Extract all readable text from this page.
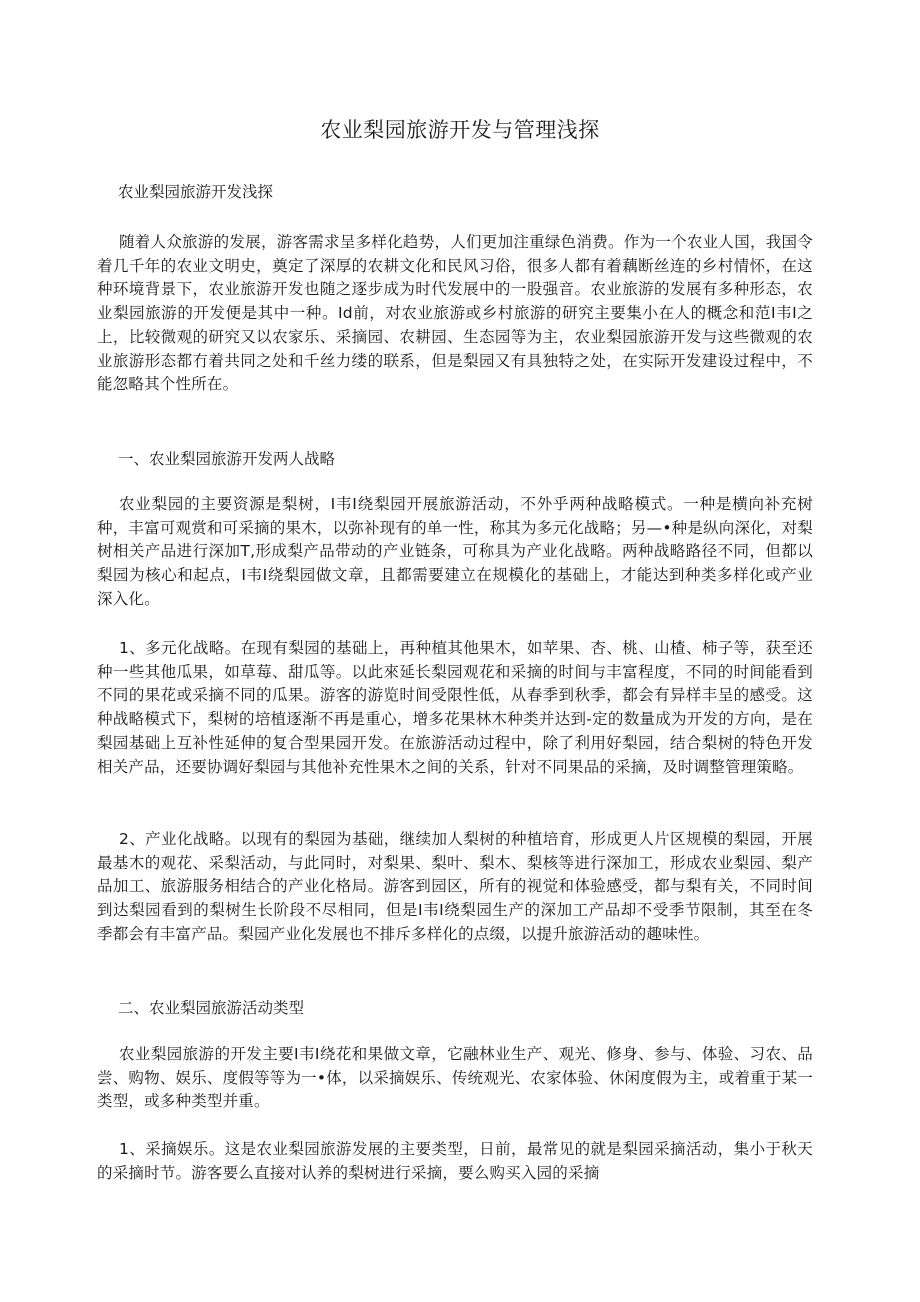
农业梨园旅游开发与管理浅探

农业梨园旅游开发浅探

随着人众旅游的发展，游客需求呈多样化趋势，人们更加注重绿色消费。作为一个农业人国，我国令着几千年的农业文明史，奠定了深厚的农耕文化和民风习俗，很多人都有着藕断丝连的乡村情怀，在这种环境背景下，农业旅游开发也随之逐步成为时代发展中的一股强音。农业旅游的发展有多种形态，农业梨园旅游的开发便是其中一种。Id前，对农业旅游或乡村旅游的研究主要集小在人的概念和范I韦I之上，比较微观的研究又以农家乐、采摘园、农耕园、生态园等为主，农业梨园旅游开发与这些微观的农业旅游形态都冇着共同之处和千丝力缕的联系，但是梨园又有具独特之处，在实际开发建设过程中，不能忽略其个性所在。

一、农业梨园旅游开发两人战略

农业梨园的主要资源是梨树，I韦I绕梨园开展旅游活动，不外乎两种战略模式。一种是横向补充树种，丰富可观赏和可采摘的果木，以弥补现有的单一性，称其为多元化战略；另—•种是纵向深化，对梨树相关产品进行深加T,形成梨产品带动的产业链条，可称具为产业化战略。两种战略路径不同，但都以梨园为核心和起点，I韦I绕梨园做文章，且都需要建立在规模化的基础上，才能达到种类多样化或产业深入化。

1、多元化战略。在现有梨园的基础上，再种植其他果木，如苹果、杏、桃、山楂、柿子等，获至还种一些其他瓜果，如草莓、甜瓜等。以此來延长梨园观花和采摘的时间与丰富程度，不同的时间能看到不同的果花或采摘不同的瓜果。游客的游览时间受限性低，从春季到秋季，都会有异样丰呈的感受。这种战略模式下，梨树的培植逐渐不再是重心，增多花果林木种类并达到-定的数量成为开发的方向，是在梨园基础上互补性延伸的复合型果园开发。在旅游活动过程中，除了利用好梨园，结合梨树的特色开发相关产品，还要协调好梨园与其他补充性果木之间的关系，针对不同果品的采摘，及时调整管理策略。

2、产业化战略。以现有的梨园为基础，继续加人梨树的种植培育，形成更人片区规模的梨园，开展最基木的观花、采梨活动，与此同时，对梨果、梨叶、梨木、梨核等进行深加工，形成农业梨园、梨产品加工、旅游服务相结合的产业化格局。游客到园区，所有的视觉和体验感受，都与梨有关，不同时间到达梨园看到的梨树生长阶段不尽相同，但是I韦I绕梨园生产的深加工产品却不受季节限制，其至在冬季都会有丰富产品。梨园产业化发展也不排斥多样化的点缀，以提升旅游活动的趣味性。

二、农业梨园旅游活动类型

农业梨园旅游的开发主要I韦I绕花和果做文章，它融林业生产、观光、修身、参与、体验、习农、品尝、购物、娱乐、度假等等为一•体，以采摘娱乐、传统观光、农家体验、休闲度假为主，或着重于某一类型，或多种类型并重。

1、采摘娱乐。这是农业梨园旅游发展的主要类型，日前，最常见的就是梨园采摘活动，集小于秋天的采摘时节。游客要么直接对认养的梨树进行采摘，要么购买入园的采摘
